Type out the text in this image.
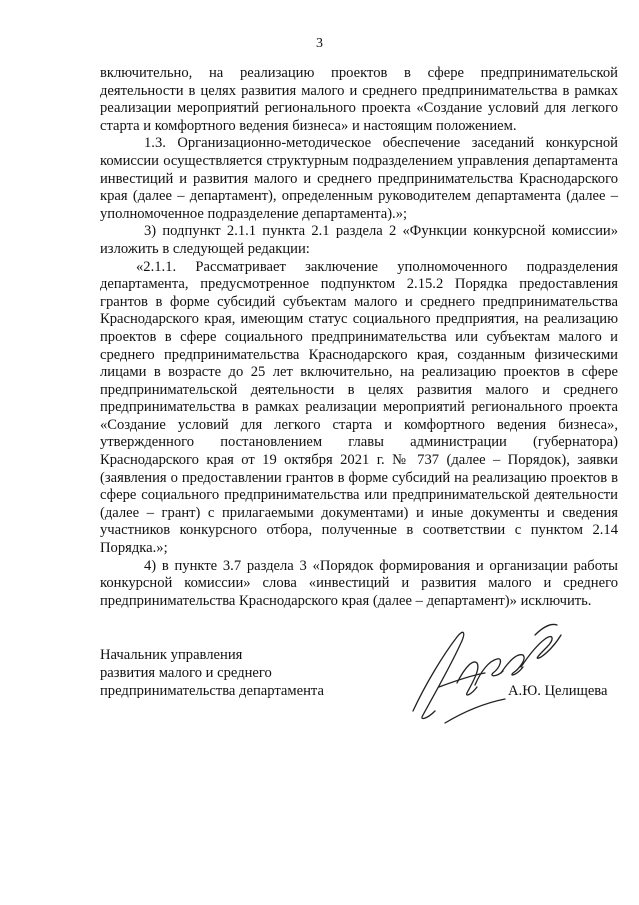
3

включительно, на реализацию проектов в сфере предпринимательской деятельности в целях развития малого и среднего предпринимательства в рамках реализации мероприятий регионального проекта «Создание условий для легкого старта и комфортного ведения бизнеса» и настоящим положением.

1.3. Организационно-методическое обеспечение заседаний конкурсной комиссии осуществляется структурным подразделением управления департамента инвестиций и развития малого и среднего предпринимательства Краснодарского края (далее – департамент), определенным руководителем департамента (далее – уполномоченное подразделение департамента).»;

3) подпункт 2.1.1 пункта 2.1 раздела 2 «Функции конкурсной комиссии» изложить в следующей редакции:

«2.1.1. Рассматривает заключение уполномоченного подразделения департамента, предусмотренное подпунктом 2.15.2 Порядка предоставления грантов в форме субсидий субъектам малого и среднего предпринимательства Краснодарского края, имеющим статус социального предприятия, на реализацию проектов в сфере социального предпринимательства или субъектам малого и среднего предпринимательства Краснодарского края, созданным физическими лицами в возрасте до 25 лет включительно, на реализацию проектов в сфере предпринимательской деятельности в целях развития малого и среднего предпринимательства в рамках реализации мероприятий регионального проекта «Создание условий для легкого старта и комфортного ведения бизнеса», утвержденного постановлением главы администрации (губернатора) Краснодарского края от 19 октября 2021 г. № 737 (далее – Порядок), заявки (заявления о предоставлении грантов в форме субсидий на реализацию проектов в сфере социального предпринимательства или предпринимательской деятельности (далее – грант) с прилагаемыми документами) и иные документы и сведения участников конкурсного отбора, полученные в соответствии с пунктом 2.14 Порядка.»;

4) в пункте 3.7 раздела 3 «Порядок формирования и организации работы конкурсной комиссии» слова «инвестиций и развития малого и среднего предпринимательства Краснодарского края (далее – департамент)» исключить.

Начальник управления
развития малого и среднего
предпринимательства департамента	А.Ю. Целищева
